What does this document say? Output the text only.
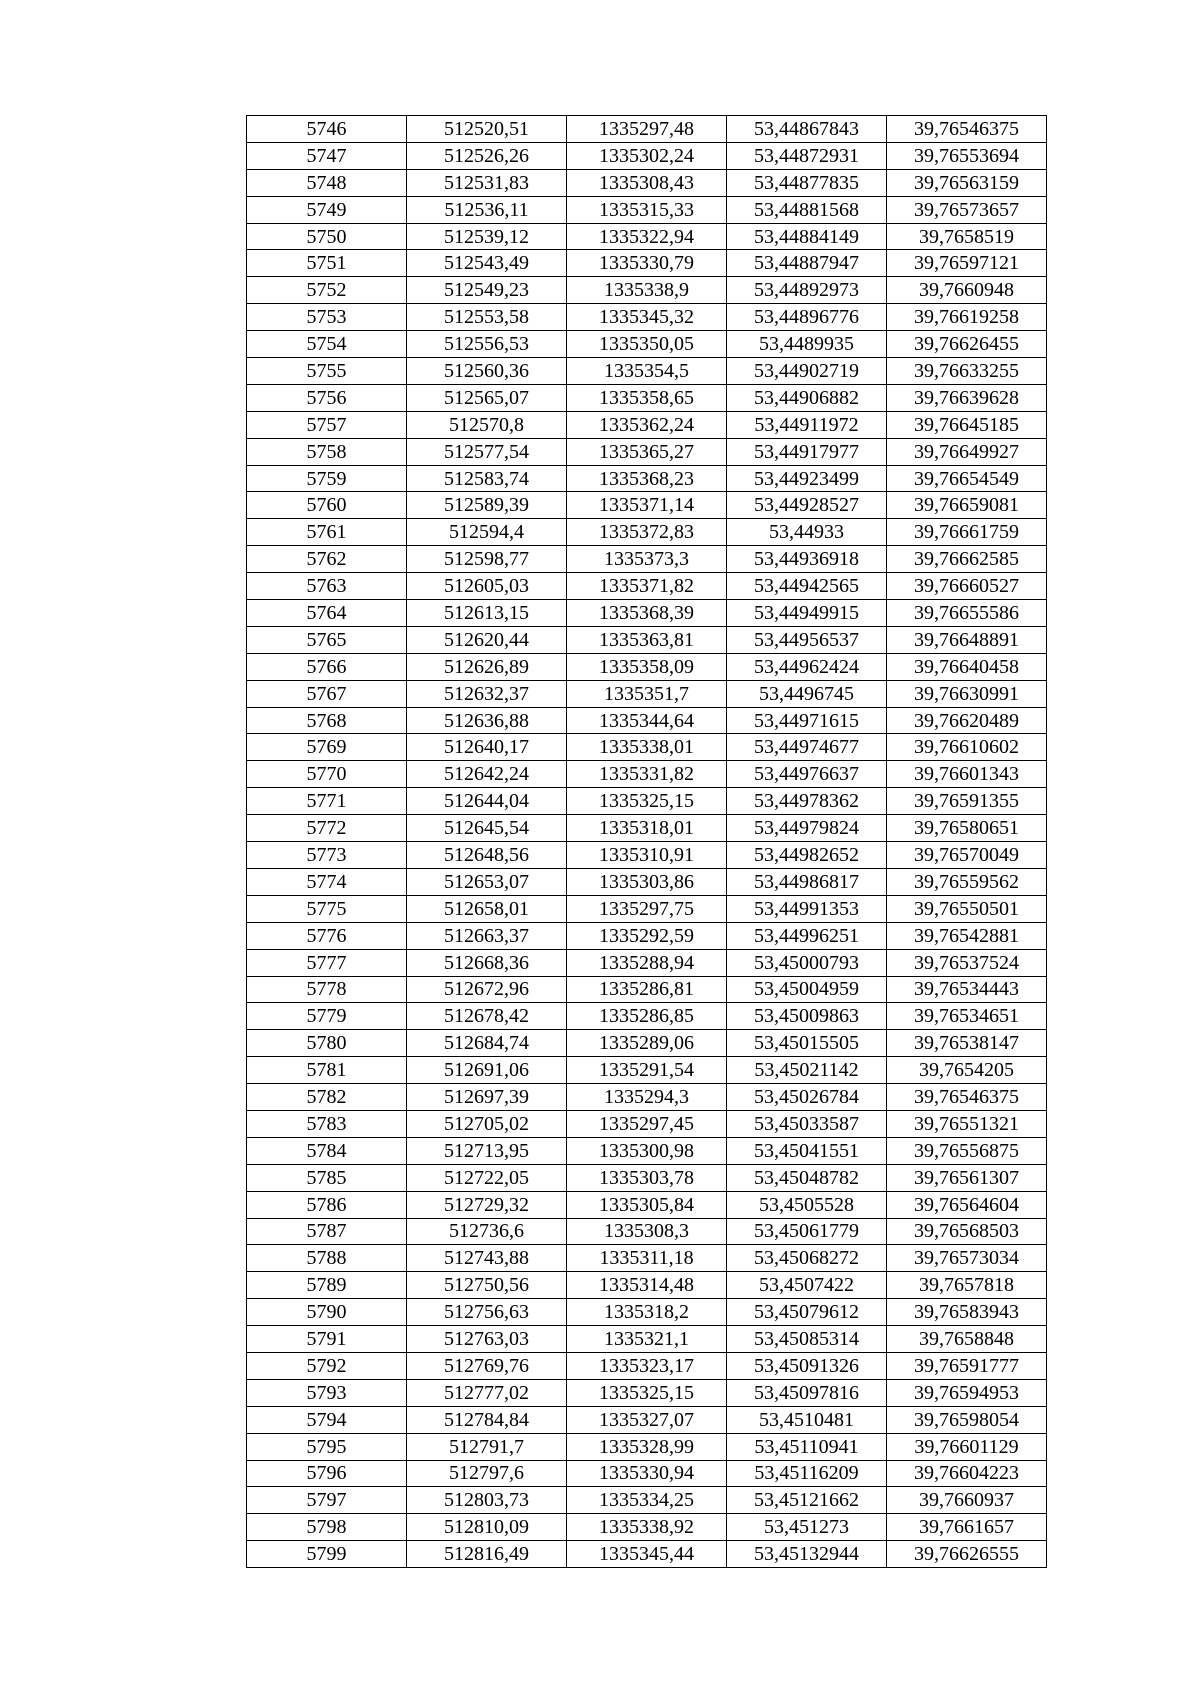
5746	512520,51	1335297,48	53,44867843	39,76546375
5747	512526,26	1335302,24	53,44872931	39,76553694
5748	512531,83	1335308,43	53,44877835	39,76563159
5749	512536,11	1335315,33	53,44881568	39,76573657
5750	512539,12	1335322,94	53,44884149	39,7658519
5751	512543,49	1335330,79	53,44887947	39,76597121
5752	512549,23	1335338,9	53,44892973	39,7660948
5753	512553,58	1335345,32	53,44896776	39,76619258
5754	512556,53	1335350,05	53,4489935	39,76626455
5755	512560,36	1335354,5	53,44902719	39,76633255
5756	512565,07	1335358,65	53,44906882	39,76639628
5757	512570,8	1335362,24	53,44911972	39,76645185
5758	512577,54	1335365,27	53,44917977	39,76649927
5759	512583,74	1335368,23	53,44923499	39,76654549
5760	512589,39	1335371,14	53,44928527	39,76659081
5761	512594,4	1335372,83	53,44933	39,76661759
5762	512598,77	1335373,3	53,44936918	39,76662585
5763	512605,03	1335371,82	53,44942565	39,76660527
5764	512613,15	1335368,39	53,44949915	39,76655586
5765	512620,44	1335363,81	53,44956537	39,76648891
5766	512626,89	1335358,09	53,44962424	39,76640458
5767	512632,37	1335351,7	53,4496745	39,76630991
5768	512636,88	1335344,64	53,44971615	39,76620489
5769	512640,17	1335338,01	53,44974677	39,76610602
5770	512642,24	1335331,82	53,44976637	39,76601343
5771	512644,04	1335325,15	53,44978362	39,76591355
5772	512645,54	1335318,01	53,44979824	39,76580651
5773	512648,56	1335310,91	53,44982652	39,76570049
5774	512653,07	1335303,86	53,44986817	39,76559562
5775	512658,01	1335297,75	53,44991353	39,76550501
5776	512663,37	1335292,59	53,44996251	39,76542881
5777	512668,36	1335288,94	53,45000793	39,76537524
5778	512672,96	1335286,81	53,45004959	39,76534443
5779	512678,42	1335286,85	53,45009863	39,76534651
5780	512684,74	1335289,06	53,45015505	39,76538147
5781	512691,06	1335291,54	53,45021142	39,7654205
5782	512697,39	1335294,3	53,45026784	39,76546375
5783	512705,02	1335297,45	53,45033587	39,76551321
5784	512713,95	1335300,98	53,45041551	39,76556875
5785	512722,05	1335303,78	53,45048782	39,76561307
5786	512729,32	1335305,84	53,4505528	39,76564604
5787	512736,6	1335308,3	53,45061779	39,76568503
5788	512743,88	1335311,18	53,45068272	39,76573034
5789	512750,56	1335314,48	53,4507422	39,7657818
5790	512756,63	1335318,2	53,45079612	39,76583943
5791	512763,03	1335321,1	53,45085314	39,7658848
5792	512769,76	1335323,17	53,45091326	39,76591777
5793	512777,02	1335325,15	53,45097816	39,76594953
5794	512784,84	1335327,07	53,4510481	39,76598054
5795	512791,7	1335328,99	53,45110941	39,76601129
5796	512797,6	1335330,94	53,45116209	39,76604223
5797	512803,73	1335334,25	53,45121662	39,7660937
5798	512810,09	1335338,92	53,451273	39,7661657
5799	512816,49	1335345,44	53,45132944	39,76626555
